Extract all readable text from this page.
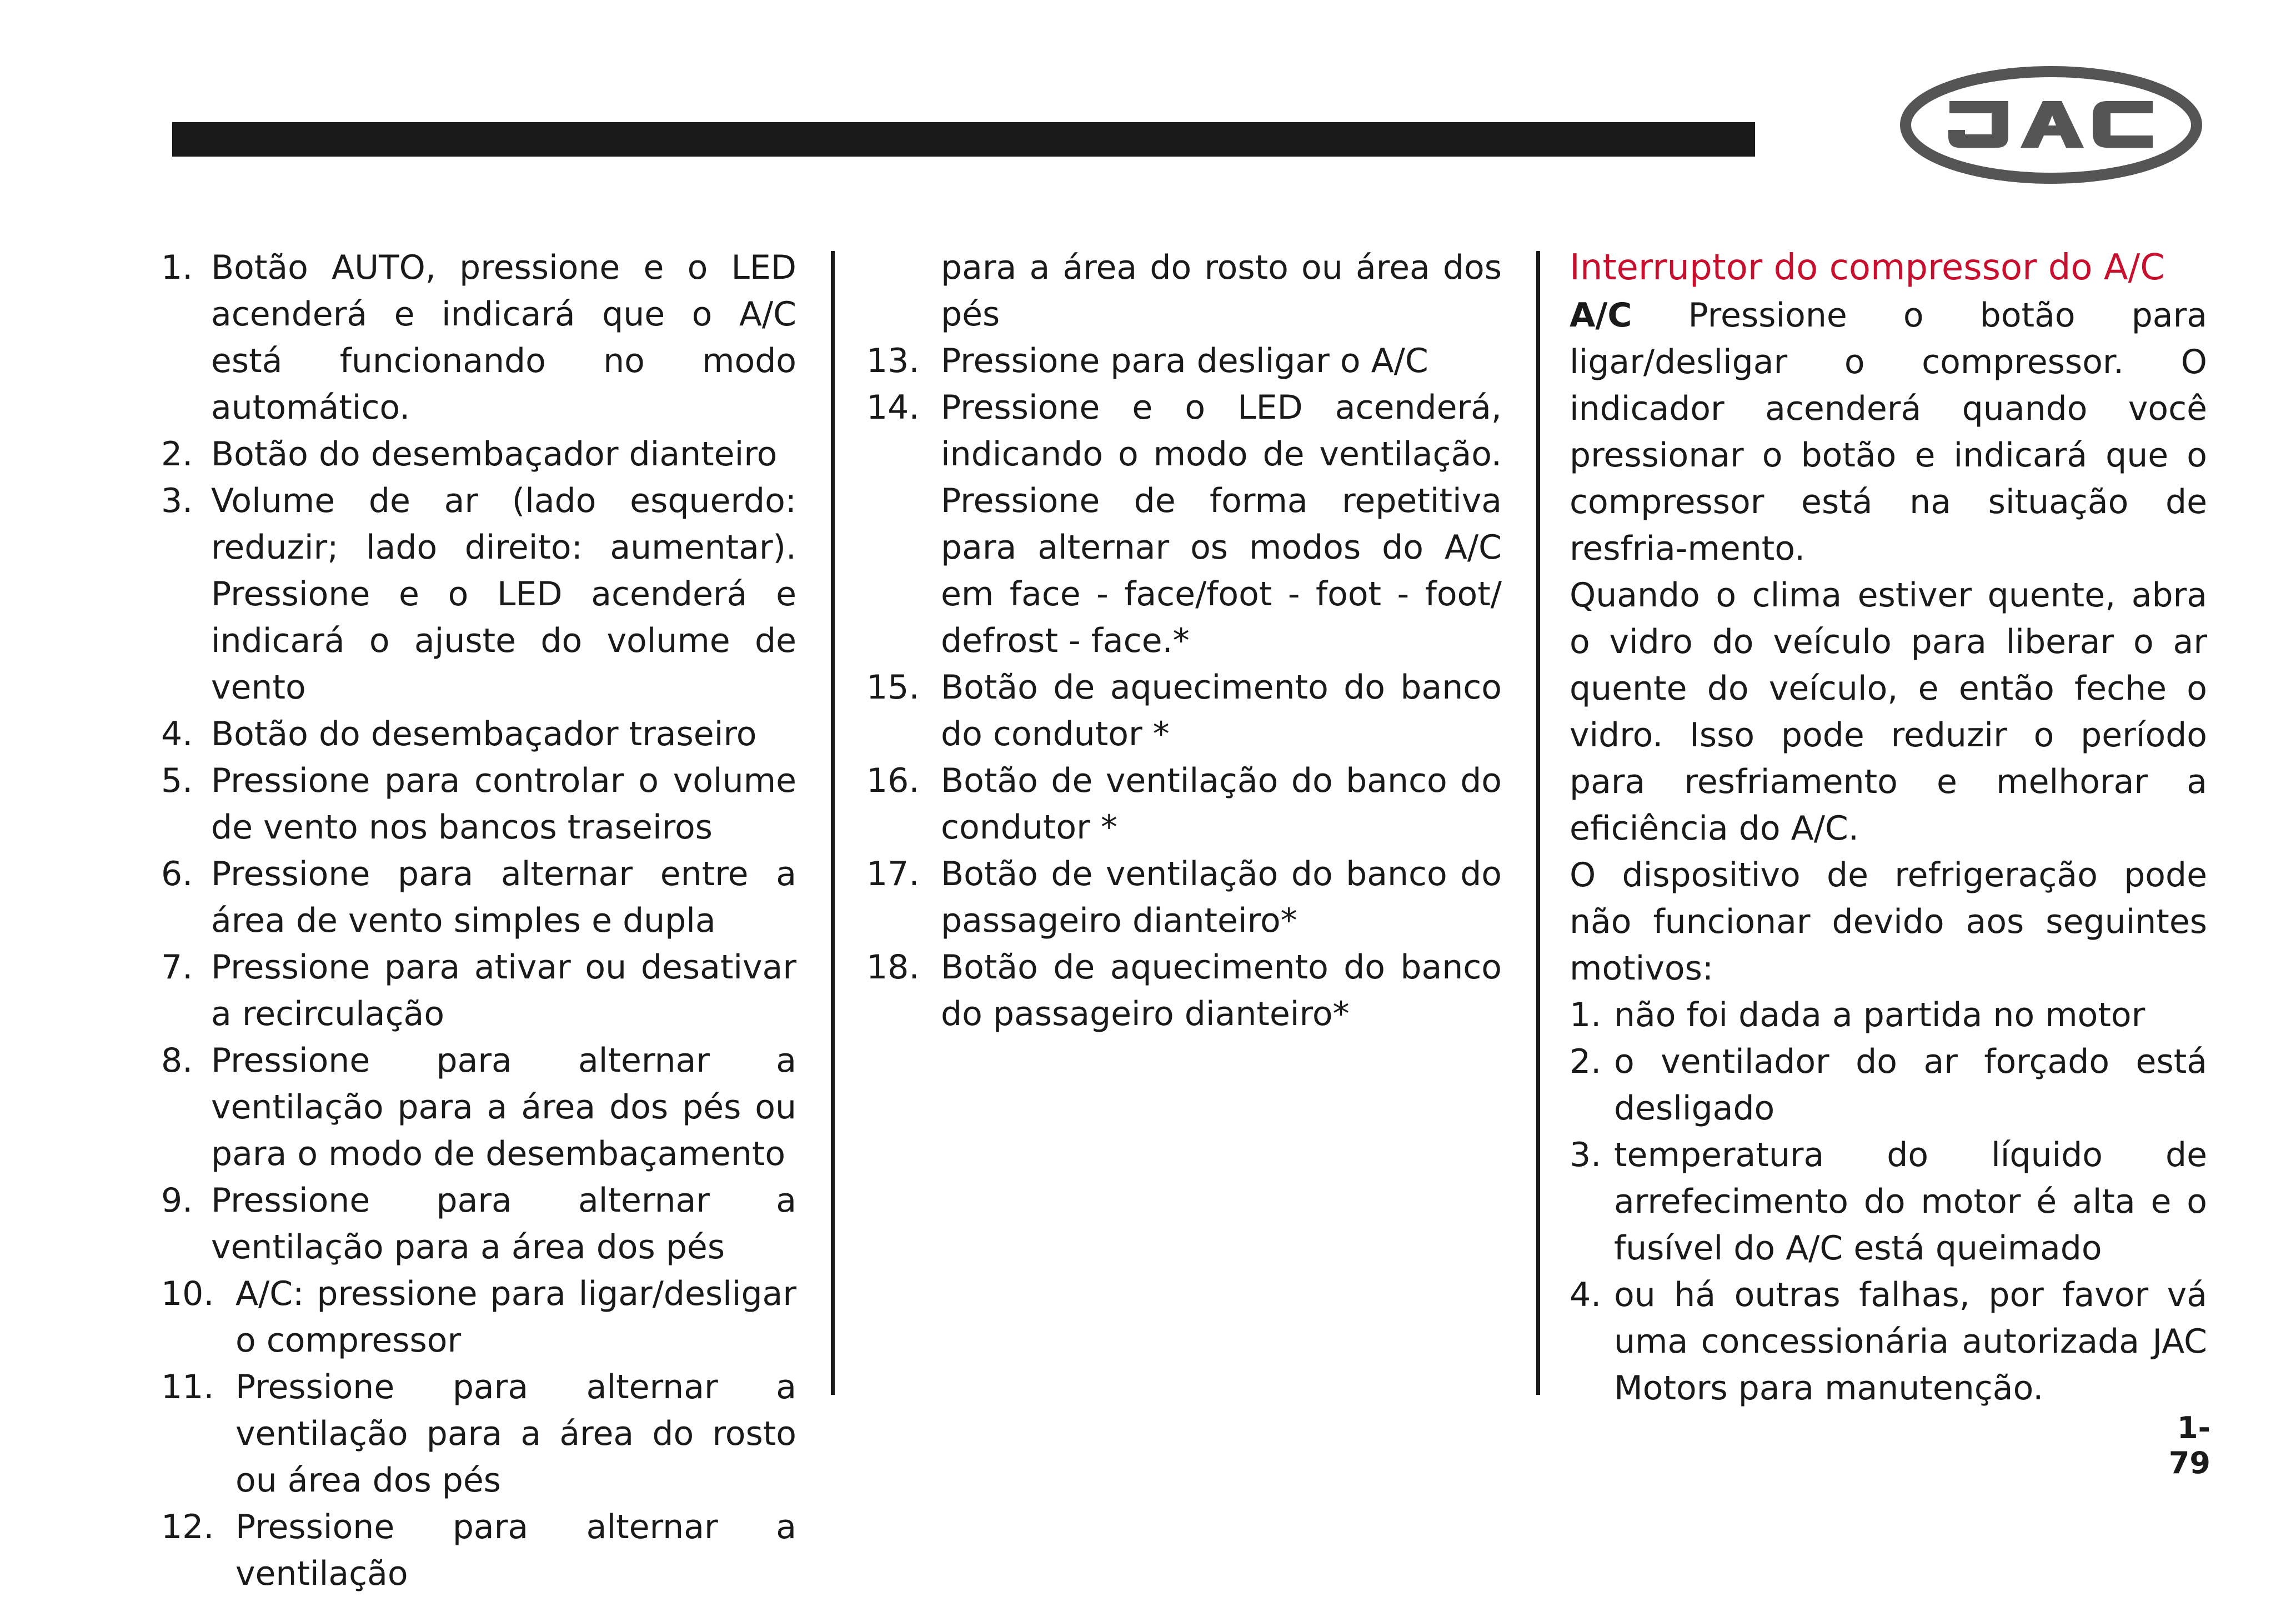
1. Botão AUTO, pressione e o LED acenderá e indicará que o A/C está funcionando no modo automático.
2. Botão do desembaçador dianteiro
3. Volume de ar (lado esquerdo: reduzir; lado direito: aumentar). Pressione e o LED acenderá e indicará o ajuste do volume de vento
4. Botão do desembaçador traseiro
5. Pressione para controlar o volume de vento nos bancos traseiros
6. Pressione para alternar entre a área de vento simples e dupla
7. Pressione para ativar ou desativar a recirculação
8. Pressione para alternar a ventilação para a área dos pés ou para o modo de desembaçamento
9. Pressione para alternar a ventilação para a área dos pés
10. A/C: pressione para ligar/desligar o compressor
11. Pressione para alternar a ventilação para a área do rosto ou área dos pés
12. Pressione para alternar a ventilação
para a área do rosto ou área dos pés
13. Pressione para desligar o A/C
14. Pressione e o LED acenderá, indicando o modo de ventilação. Pressione de forma repetitiva para alternar os modos do A/C em face - face/foot - foot - foot/ defrost - face.*
15. Botão de aquecimento do banco do condutor *
16. Botão de ventilação do banco do condutor *
17. Botão de ventilação do banco do passageiro dianteiro*
18. Botão de aquecimento do banco do passageiro dianteiro*
Interruptor do compressor do A/C

A/C Pressione o botão para ligar/desligar o compressor. O indicador acenderá quando você pressionar o botão e indicará que o compressor está na situação de resfria-mento.

Quando o clima estiver quente, abra o vidro do veículo para liberar o ar quente do veículo, e então feche o vidro. Isso pode reduzir o período para resfriamento e melhorar a eficiência do A/C.

O dispositivo de refrigeração pode não funcionar devido aos seguintes motivos:

1. não foi dada a partida no motor
2. o ventilador do ar forçado está desligado
3. temperatura do líquido de arrefecimento do motor é alta e o fusível do A/C está queimado
4. ou há outras falhas, por favor vá uma concessionária autorizada JAC Motors para manutenção.
1-79
